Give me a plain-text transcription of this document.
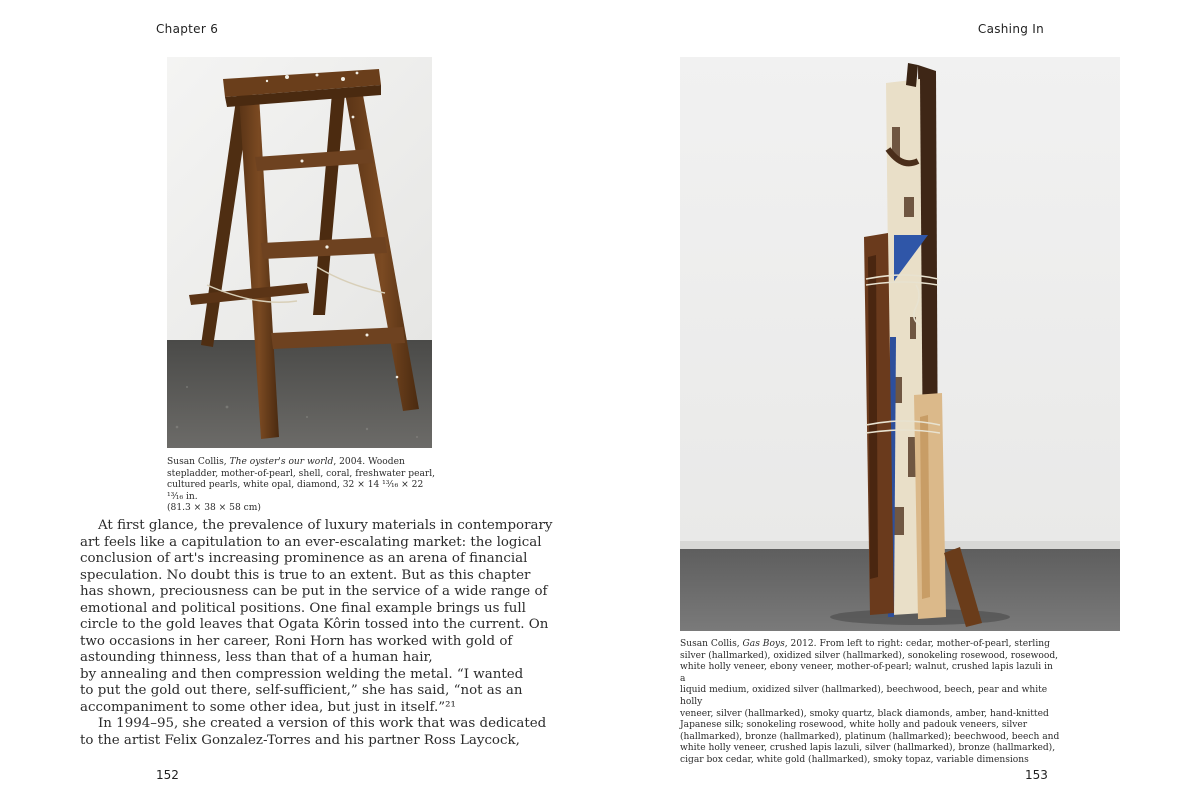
Chapter 6
Susan Collis, The oyster's our world, 2004. Wooden
stepladder, mother-of-pearl, shell, coral, freshwater pearl,
cultured pearls, white opal, diamond, 32 × 14 ¹³⁄₁₆ × 22 ¹³⁄₁₆ in.
(81.3 × 38 × 58 cm)

At first glance, the prevalence of luxury materials in contemporary

art feels like a capitulation to an ever-escalating market: the logical

conclusion of art's increasing prominence as an arena of financial

speculation. No doubt this is true to an extent. But as this chapter

has shown, preciousness can be put in the service of a wide range of

emotional and political positions. One final example brings us full

circle to the gold leaves that Ogata Kôrin tossed into the current. On

two occasions in her career, Roni Horn has worked with gold of

astounding thinness, less than that of a human hair,

by annealing and then compression welding the metal. “I wanted

to put the gold out there, self-sufficient,” she has said, “not as an

accompaniment to some other idea, but just in itself.”²¹

In 1994–95, she created a version of this work that was dedicated

to the artist Felix Gonzalez-Torres and his partner Ross Laycock,

152
Cashing In
Susan Collis, Gas Boys, 2012. From left to right: cedar, mother-of-pearl, sterling
silver (hallmarked), oxidized silver (hallmarked), sonokeling rosewood, rosewood,
white holly veneer, ebony veneer, mother-of-pearl; walnut, crushed lapis lazuli in a
liquid medium, oxidized silver (hallmarked), beechwood, beech, pear and white holly
veneer, silver (hallmarked), smoky quartz, black diamonds, amber, hand-knitted
Japanese silk; sonokeling rosewood, white holly and padouk veneers, silver
(hallmarked), bronze (hallmarked), platinum (hallmarked); beechwood, beech and
white holly veneer, crushed lapis lazuli, silver (hallmarked), bronze (hallmarked),
cigar box cedar, white gold (hallmarked), smoky topaz, variable dimensions
153
